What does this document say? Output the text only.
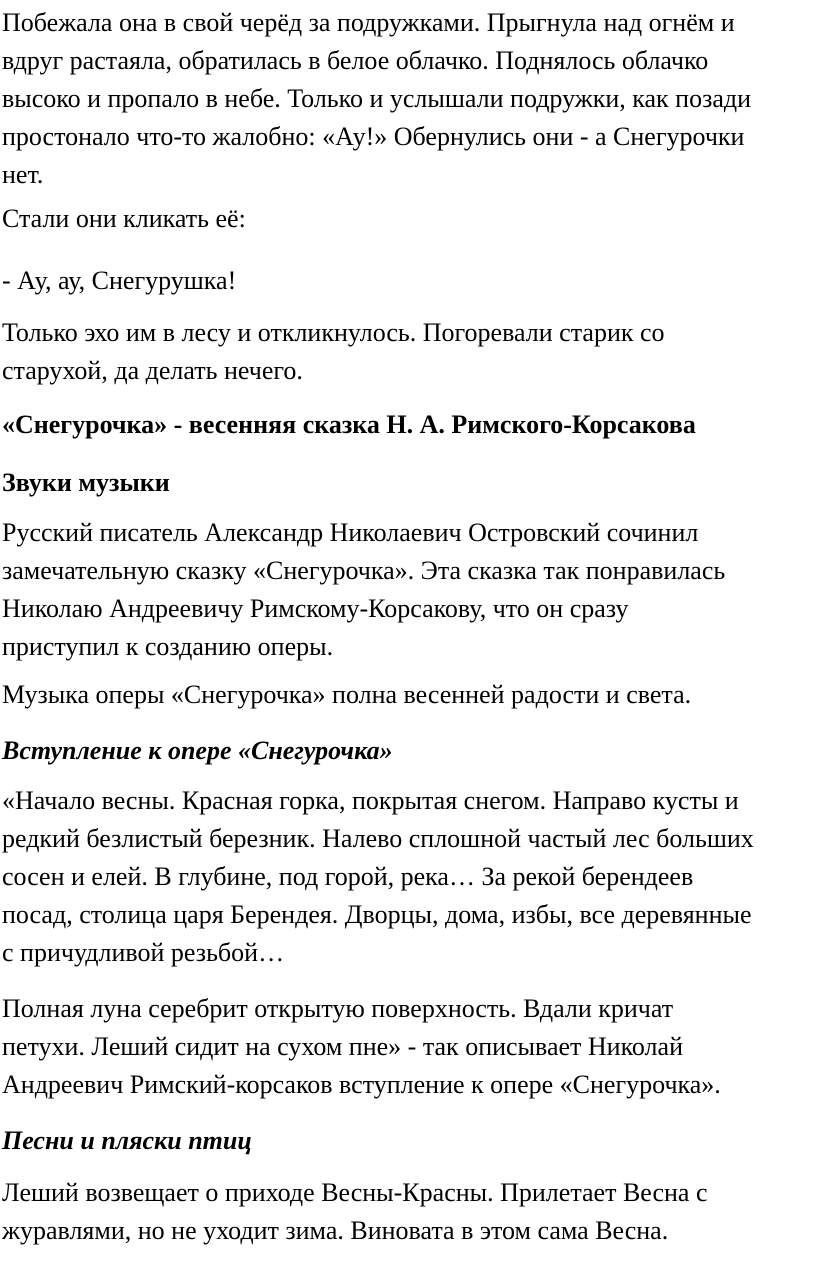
Побежала она в свой черёд за подружками. Прыгнула над огнём и
вдруг растаяла, обратилась в белое облачко. Поднялось облачко
высоко и пропало в небе. Только и услышали подружки, как позади
простонало что-то жалобно: «Ау!» Обернулись они - а Снегурочки
нет.
Стали они кликать её:
- Ау, ау, Снегурушка!
Только эхо им в лесу и откликнулось. Погоревали старик со
старухой, да делать нечего.
«Снегурочка» - весенняя сказка Н. А. Римского-Корсакова
Звуки музыки
Русский писатель Александр Николаевич Островский сочинил
замечательную сказку «Снегурочка». Эта сказка так понравилась
Николаю Андреевичу Римскому-Корсакову, что он сразу
приступил к созданию оперы.
Музыка оперы «Снегурочка» полна весенней радости и света.
Вступление к опере «Снегурочка»
«Начало весны. Красная горка, покрытая снегом. Направо кусты и
редкий безлистый березник. Налево сплошной частый лес больших
сосен и елей. В глубине, под горой, река… За рекой берендеев
посад, столица царя Берендея. Дворцы, дома, избы, все деревянные
с причудливой резьбой…
Полная луна серебрит открытую поверхность. Вдали кричат
петухи. Леший сидит на сухом пне» - так описывает Николай
Андреевич Римский-корсаков вступление к опере «Снегурочка».
Песни и пляски птиц
Леший возвещает о приходе Весны-Красны. Прилетает Весна с
журавлями, но не уходит зима. Виновата в этом сама Весна.
